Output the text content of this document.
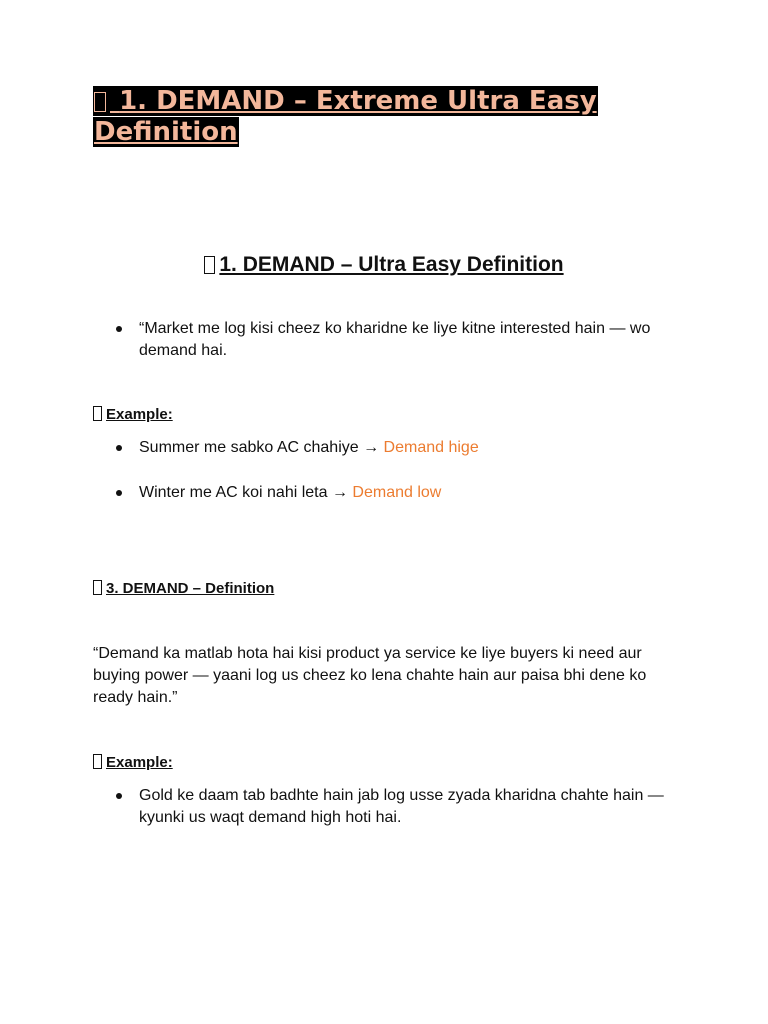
1. DEMAND – Extreme Ultra Easy Definition
1. DEMAND – Ultra Easy Definition
“Market me log kisi cheez ko kharidne ke liye kitne interested hain — wo demand hai.

Example:

Summer me sabko AC chahiye → Demand hige
Winter me AC koi nahi leta → Demand low

3. DEMAND – Definition

“Demand ka matlab hota hai kisi product ya service ke liye buyers ki need aur buying power — yaani log us cheez ko lena chahte hain aur paisa bhi dene ko ready hain.”

Example:

Gold ke daam tab badhte hain jab log usse zyada kharidna chahte hain — kyunki us waqt demand high hoti hai.
